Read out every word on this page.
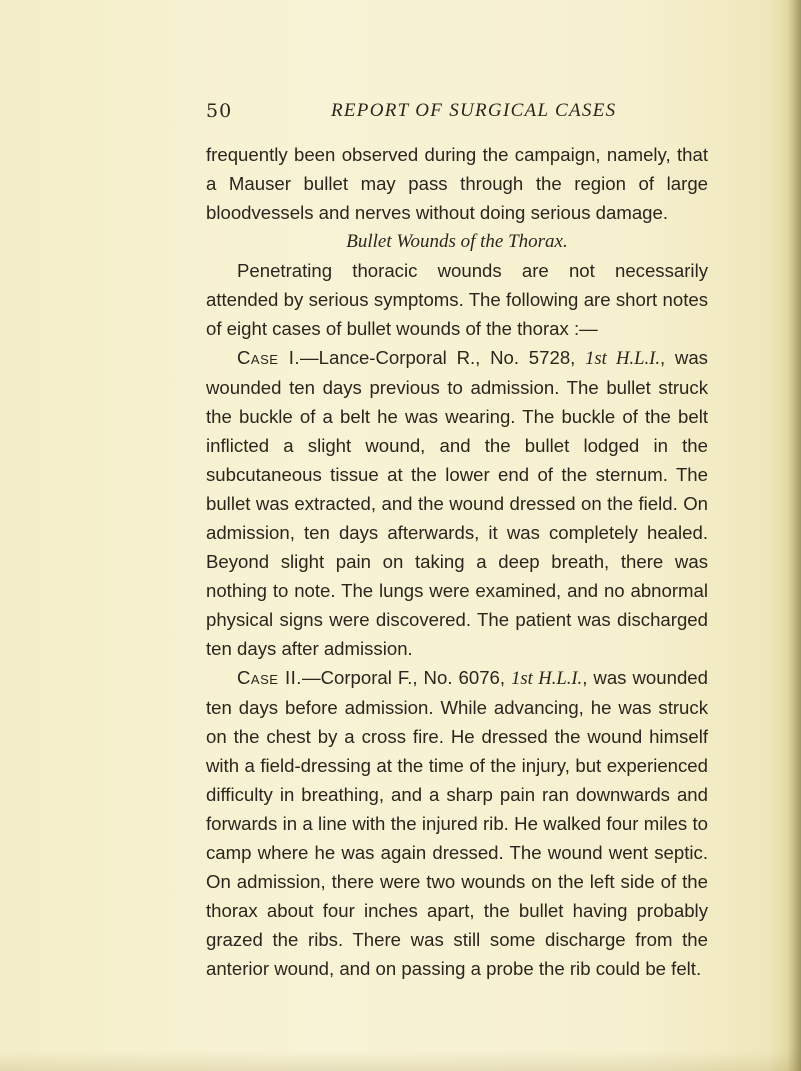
50	REPORT OF SURGICAL CASES

frequently been observed during the campaign, namely, that a Mauser bullet may pass through the region of large bloodvessels and nerves without doing serious damage.

Bullet Wounds of the Thorax.

Penetrating thoracic wounds are not necessarily attended by serious symptoms. The following are short notes of eight cases of bullet wounds of the thorax :—

Case I.—Lance-Corporal R., No. 5728, 1st H.L.I., was wounded ten days previous to admission. The bullet struck the buckle of a belt he was wearing. The buckle of the belt inflicted a slight wound, and the bullet lodged in the subcutaneous tissue at the lower end of the sternum. The bullet was extracted, and the wound dressed on the field. On admission, ten days afterwards, it was completely healed. Beyond slight pain on taking a deep breath, there was nothing to note. The lungs were examined, and no abnormal physical signs were discovered. The patient was discharged ten days after admission.

Case II.—Corporal F., No. 6076, 1st H.L.I., was wounded ten days before admission. While advancing, he was struck on the chest by a cross fire. He dressed the wound himself with a field-dressing at the time of the injury, but experienced difficulty in breathing, and a sharp pain ran downwards and forwards in a line with the injured rib. He walked four miles to camp where he was again dressed. The wound went septic. On admission, there were two wounds on the left side of the thorax about four inches apart, the bullet having probably grazed the ribs. There was still some discharge from the anterior wound, and on passing a probe the rib could be felt.
